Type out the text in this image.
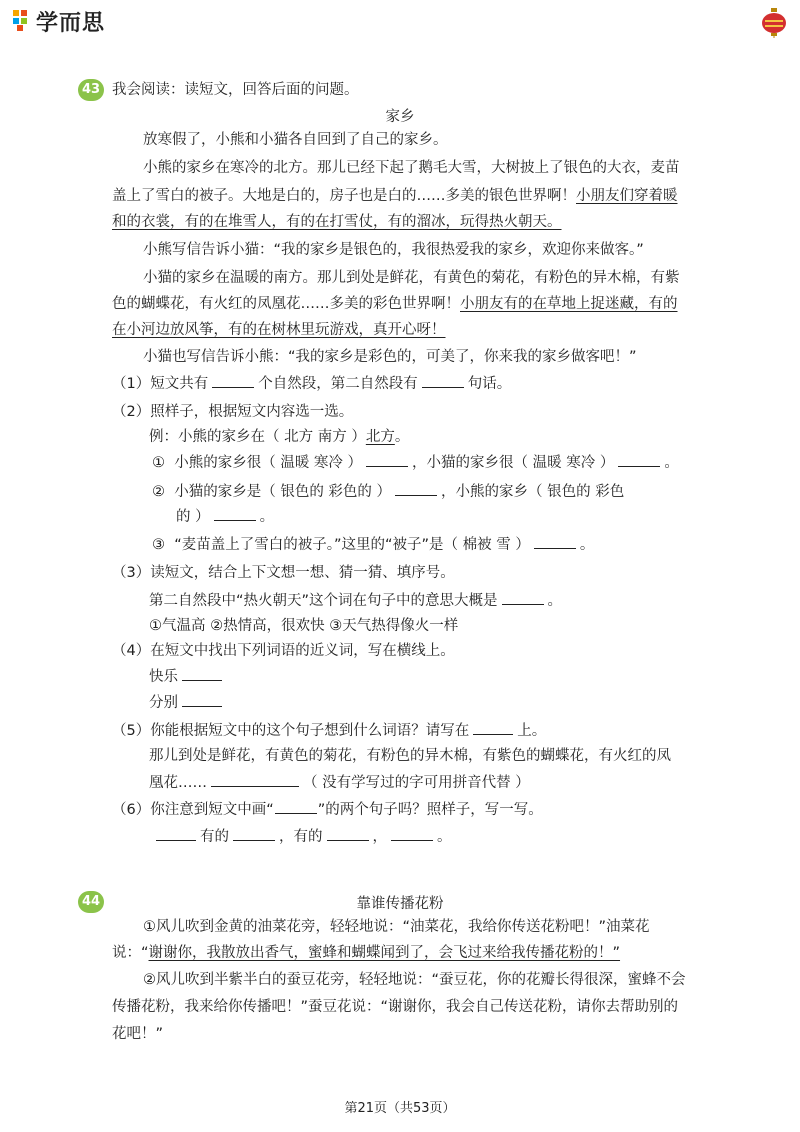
学而思
43 我会阅读：读短文，回答后面的问题。
家乡
放寒假了，小熊和小猫各自回到了自己的家乡。
小熊的家乡在寒冷的北方。那儿已经下起了鹅毛大雪，大树披上了银色的大衣，麦苗
盖上了雪白的被子。大地是白的，房子也是白的……多美的银色世界啊！小朋友们穿着暖
和的衣裳，有的在堆雪人，有的在打雪仗，有的溜冰，玩得热火朝天。
小熊写信告诉小猫：“我的家乡是银色的，我很热爱我的家乡，欢迎你来做客。”
小猫的家乡在温暖的南方。那儿到处是鲜花，有黄色的菊花，有粉色的异木棉，有紫
色的蝴蝶花，有火红的凤凰花……多美的彩色世界啊！小朋友有的在草地上捉迷藏，有的
在小河边放风筝，有的在树林里玩游戏，真开心呀！
小猫也写信告诉小熊：“我的家乡是彩色的，可美了，你来我的家乡做客吧！”
（1）短文共有	个自然段，第二自然段有	句话。
（2）照样子，根据短文内容选一选。
例：小熊的家乡在（ 北方 南方 ）北方。
① 小熊的家乡很（ 温暖 寒冷 ）	，小猫的家乡很（ 温暖 寒冷 ）	。
② 小猫的家乡是（ 银色的 彩色的 ）	，小熊的家乡（ 银色的 彩色
的 ）	。
③ “麦苗盖上了雪白的被子。”这里的“被子”是（ 棉被 雪 ）	。
（3）读短文，结合上下文想一想、猜一猜、填序号。
第二自然段中“热火朝天”这个词在句子中的意思大概是	。
①气温高 ②热情高，很欢快 ③天气热得像火一样
（4）在短文中找出下列词语的近义词，写在横线上。
快乐
分别
（5）你能根据短文中的这个句子想到什么词语？请写在	上。
那儿到处是鲜花，有黄色的菊花，有粉色的异木棉，有紫色的蝴蝶花，有火红的凤
凰花……	（ 没有学写过的字可用拼音代替 ）
（6）你注意到短文中画“	”的两个句子吗？照样子，写一写。
有的	，有的	，	。
44	靠谁传播花粉
①风儿吹到金黄的油菜花旁，轻轻地说：“油菜花，我给你传送花粉吧！”油菜花
说：“谢谢你，我散放出香气，蜜蜂和蝴蝶闻到了，会飞过来给我传播花粉的！”
②风儿吹到半紫半白的蚕豆花旁，轻轻地说：“蚕豆花，你的花瓣长得很深，蜜蜂不会
传播花粉，我来给你传播吧！”蚕豆花说：“谢谢你，我会自己传送花粉，请你去帮助别的
花吧！”
第21页（共53页）
